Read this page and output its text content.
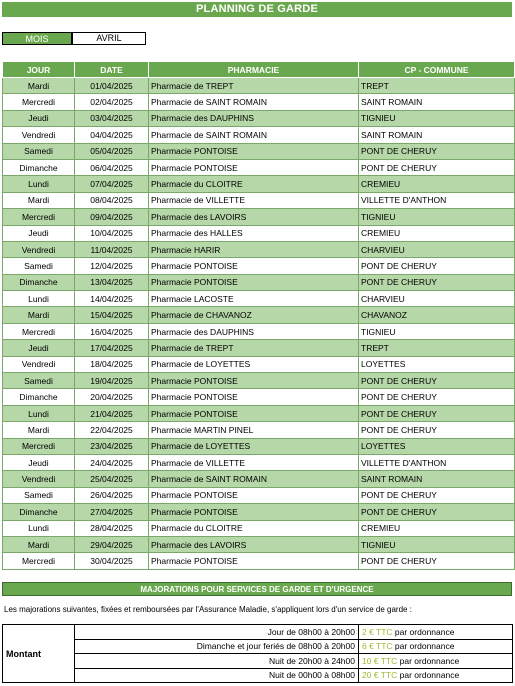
PLANNING DE GARDE
MOIS	AVRIL
JOUR	DATE	PHARMACIE	CP - COMMUNE
Mardi	01/04/2025	Pharmacie de TREPT	TREPT
Mercredi	02/04/2025	Pharmacie de SAINT ROMAIN	SAINT ROMAIN
Jeudi	03/04/2025	Pharmacie des DAUPHINS	TIGNIEU
Vendredi	04/04/2025	Pharmacie de SAINT ROMAIN	SAINT ROMAIN
Samedi	05/04/2025	Pharmacie PONTOISE	PONT DE CHERUY
Dimanche	06/04/2025	Pharmacie PONTOISE	PONT DE CHERUY
Lundi	07/04/2025	Pharmacie du CLOITRE	CREMIEU
Mardi	08/04/2025	Pharmacie de VILLETTE	VILLETTE D'ANTHON
Mercredi	09/04/2025	Pharmacie des LAVOIRS	TIGNIEU
Jeudi	10/04/2025	Pharmacie des HALLES	CREMIEU
Vendredi	11/04/2025	Pharmacie HARIR	CHARVIEU
Samedi	12/04/2025	Pharmacie PONTOISE	PONT DE CHERUY
Dimanche	13/04/2025	Pharmacie PONTOISE	PONT DE CHERUY
Lundi	14/04/2025	Pharmacie LACOSTE	CHARVIEU
Mardi	15/04/2025	Pharmacie de CHAVANOZ	CHAVANOZ
Mercredi	16/04/2025	Pharmacie des DAUPHINS	TIGNIEU
Jeudi	17/04/2025	Pharmacie de TREPT	TREPT
Vendredi	18/04/2025	Pharmacie de LOYETTES	LOYETTES
Samedi	19/04/2025	Pharmacie PONTOISE	PONT DE CHERUY
Dimanche	20/04/2025	Pharmacie PONTOISE	PONT DE CHERUY
Lundi	21/04/2025	Pharmacie PONTOISE	PONT DE CHERUY
Mardi	22/04/2025	Pharmacie MARTIN PINEL	PONT DE CHERUY
Mercredi	23/04/2025	Pharmacie de LOYETTES	LOYETTES
Jeudi	24/04/2025	Pharmacie de VILLETTE	VILLETTE D'ANTHON
Vendredi	25/04/2025	Pharmacie de SAINT ROMAIN	SAINT ROMAIN
Samedi	26/04/2025	Pharmacie PONTOISE	PONT DE CHERUY
Dimanche	27/04/2025	Pharmacie PONTOISE	PONT DE CHERUY
Lundi	28/04/2025	Pharmacie du CLOITRE	CREMIEU
Mardi	29/04/2025	Pharmacie des LAVOIRS	TIGNIEU
Mercredi	30/04/2025	Pharmacie PONTOISE	PONT DE CHERUY
MAJORATIONS POUR SERVICES DE GARDE ET D'URGENCE
Les majorations suivantes, fixées et remboursées par l'Assurance Maladie, s'appliquent lors d'un service de garde :
Montant	Jour de 08h00 à 20h00	2 € TTC par ordonnance
	Dimanche et jour feriés de 08h00 à 20h00	6 € TTC par ordonnance
	Nuit de 20h00 à 24h00	10 € TTC par ordonnance
	Nuit de 00h00 à 08h00	20 € TTC par ordonnance
